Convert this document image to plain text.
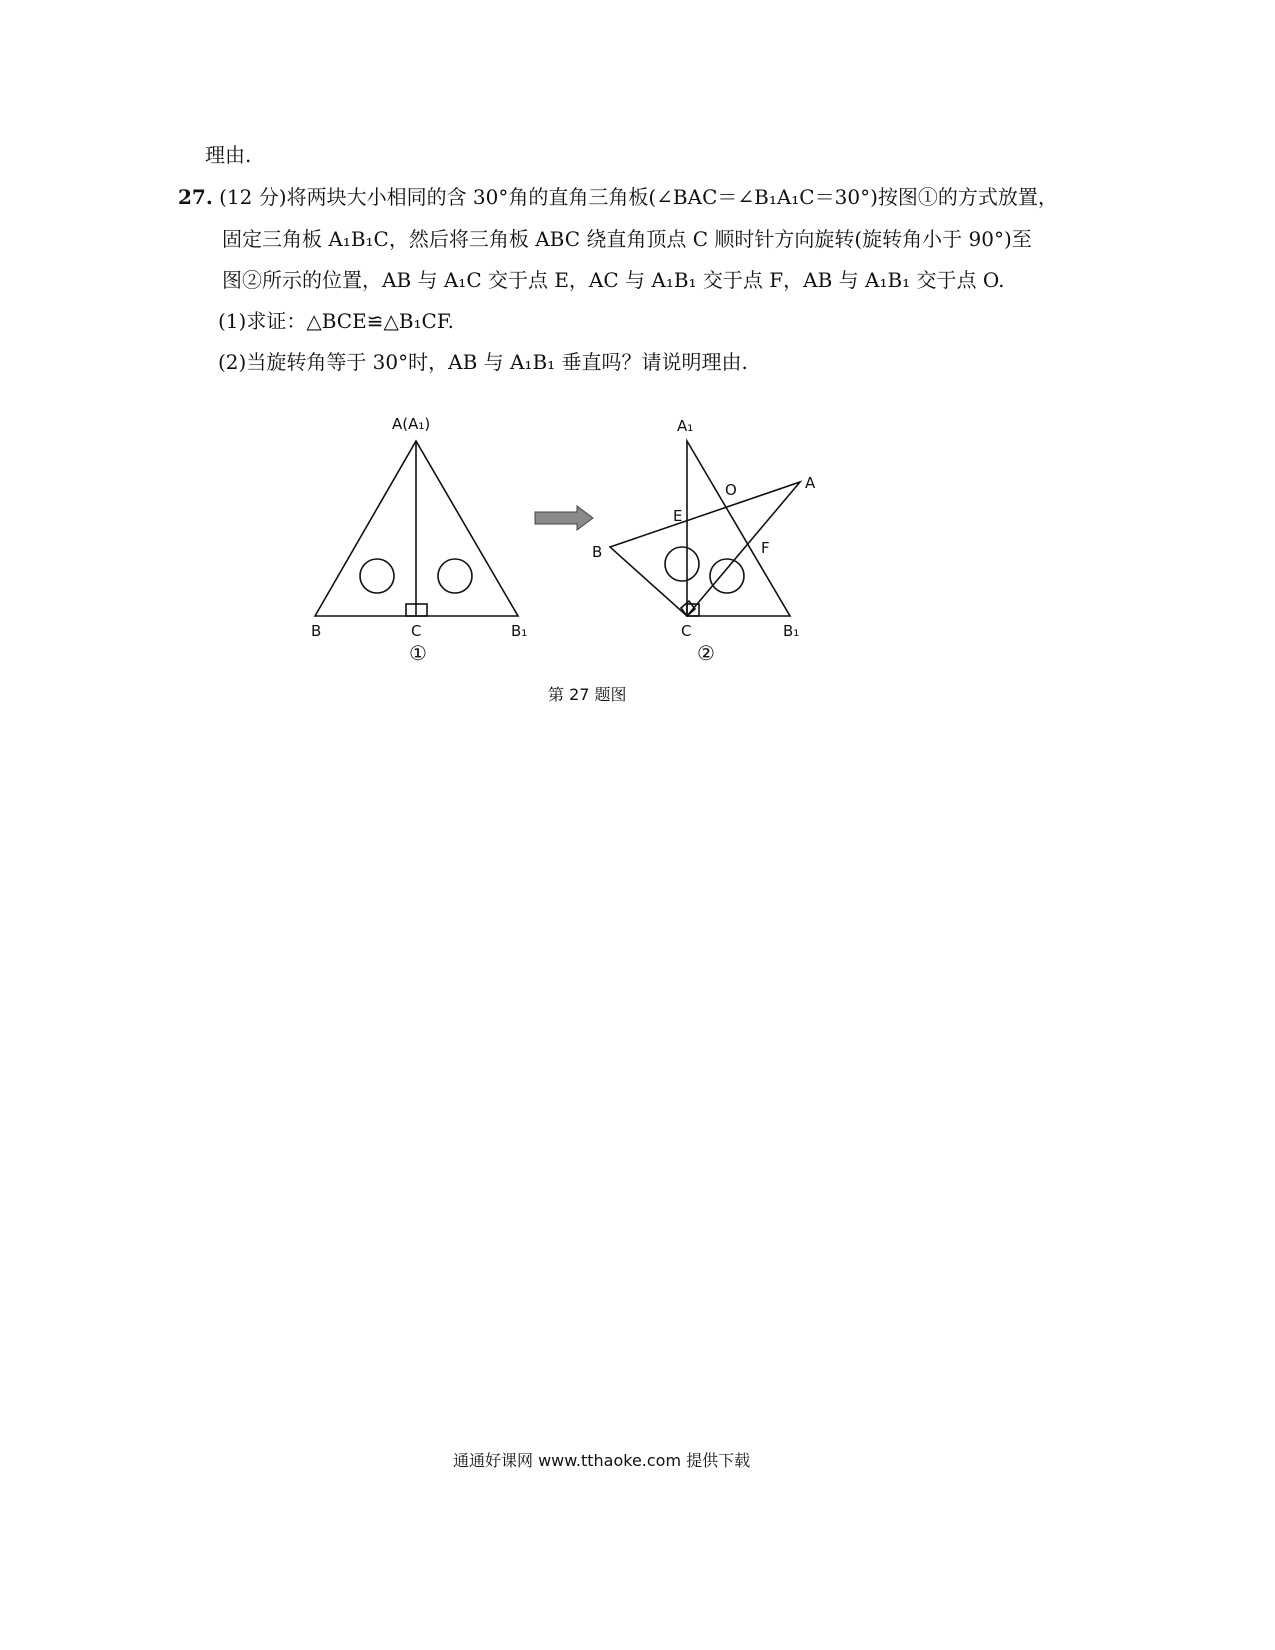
理由.
27. (12 分)将两块大小相同的含 30°角的直角三角板(∠BAC＝∠B₁A₁C＝30°)按图①的方式放置，
固定三角板 A₁B₁C，然后将三角板 ABC 绕直角顶点 C 顺时针方向旋转(旋转角小于 90°)至
图②所示的位置，AB 与 A₁C 交于点 E，AC 与 A₁B₁ 交于点 F，AB 与 A₁B₁ 交于点 O.
(1)求证：△BCE≌△B₁CF.
(2)当旋转角等于 30°时，AB 与 A₁B₁ 垂直吗？请说明理由.
A(A₁)
B	C	B₁
①
A₁
A
O
E
F
B
C	B₁
②
第 27 题图
通通好课网 www.tthaoke.com 提供下载
